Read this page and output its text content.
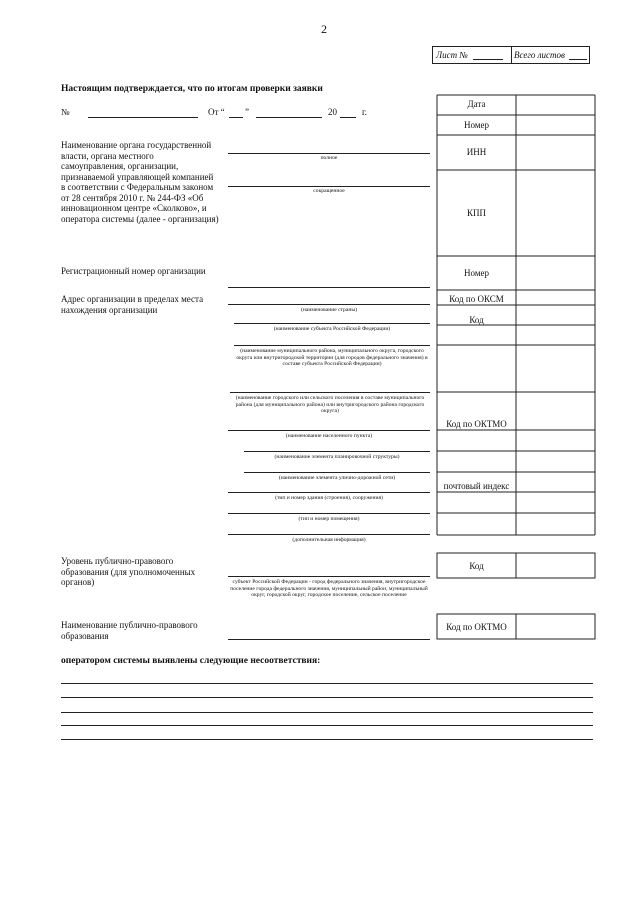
2
Лист №	Всего листов
Настоящим подтверждается, что по итогам проверки заявки
№	От “ ”	20	г.
Наименование органа государственной власти, органа местного самоуправления, организации, признаваемой управляющей компанией в соответствии с Федеральным законом от 28 сентября 2010 г. № 244-ФЗ «Об инновационном центре «Сколково», и оператора системы (далее - организация)
полное
сокращенное
Регистрационный номер организации
Адрес организации в пределах места нахождения организации	(наименование страны)
(наименование субъекта Российской Федерации)
(наименование муниципального района, муниципального округа, городского округа или внутригородской территории (для городов федерального значения) в составе субъекта Российской Федерации)
(наименование городского или сельского поселения в составе муниципального района (для муниципального района) или внутригородского района городского округа)
(наименование населенного пункта)
(наименование элемента планировочной структуры)
(наименование элемента улично-дорожной сети)
(тип и номер здания (строения), сооружения)
(тип и номер помещения)
(дополнительная информация)
Дата
Номер
ИНН
КПП
Номер
Код по ОКСМ
Код
Код по ОКТМО
почтовый индекс
Уровень публично-правового образования (для уполномоченных органов)	субъект Российской Федерации - город федерального значения, внутригородское поселение города федерального значения, муниципальный район, муниципальный округ, городской округ, городское поселение, сельское поселение
Код
Наименование публично-правового образования
Код по ОКТМО
оператором системы выявлены следующие несоответствия:
